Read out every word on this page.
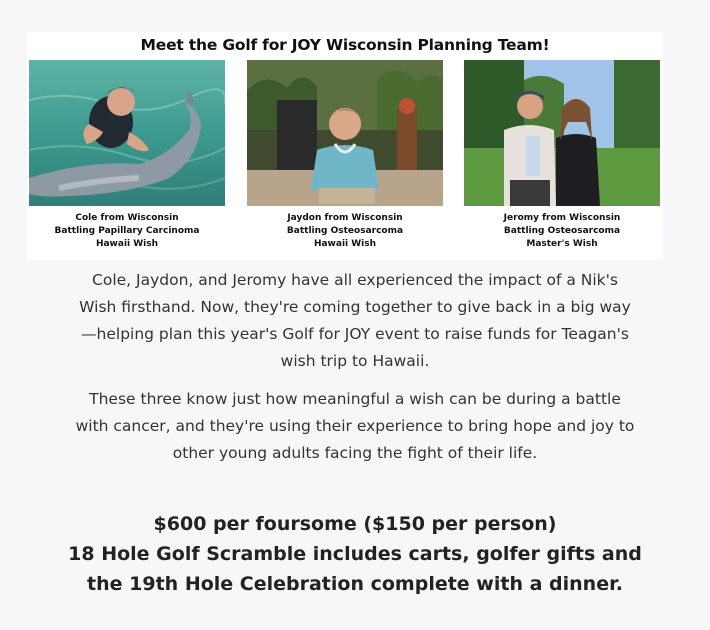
Meet the Golf for JOY Wisconsin Planning Team!
Cole from Wisconsin
Battling Papillary Carcinoma
Hawaii Wish
Jaydon from Wisconsin
Battling Osteosarcoma
Hawaii Wish
Jeromy from Wisconsin
Battling Osteosarcoma
Master's Wish
Cole, Jaydon, and Jeromy have all experienced the impact of a Nik's
Wish firsthand. Now, they're coming together to give back in a big way
—helping plan this year's Golf for JOY event to raise funds for Teagan's
wish trip to Hawaii.
These three know just how meaningful a wish can be during a battle
with cancer, and they're using their experience to bring hope and joy to
other young adults facing the fight of their life.
$600 per foursome ($150 per person)
18 Hole Golf Scramble includes carts, golfer gifts and
the 19th Hole Celebration complete with a dinner.
